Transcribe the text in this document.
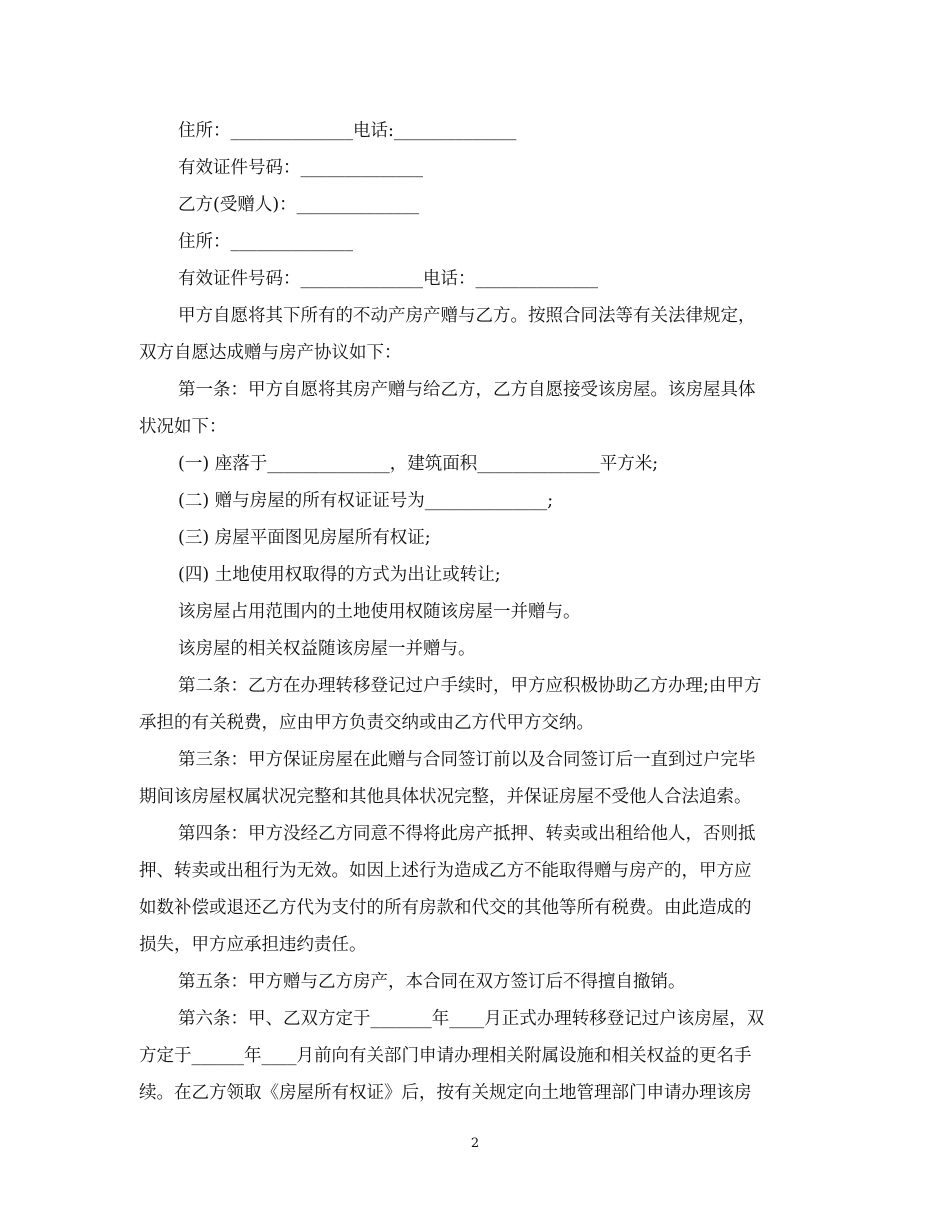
住所：______________电话:______________
有效证件号码：______________
乙方(受赠人)：______________
住所：______________
有效证件号码：______________电话：______________
甲方自愿将其下所有的不动产房产赠与乙方。按照合同法等有关法律规定，
双方自愿达成赠与房产协议如下：
第一条：甲方自愿将其房产赠与给乙方，乙方自愿接受该房屋。该房屋具体
状况如下：
(一) 座落于______________，建筑面积______________平方米;
(二) 赠与房屋的所有权证证号为______________;
(三) 房屋平面图见房屋所有权证;
(四) 土地使用权取得的方式为出让或转让;
该房屋占用范围内的土地使用权随该房屋一并赠与。
该房屋的相关权益随该房屋一并赠与。
第二条：乙方在办理转移登记过户手续时，甲方应积极协助乙方办理;由甲方
承担的有关税费，应由甲方负责交纳或由乙方代甲方交纳。
第三条：甲方保证房屋在此赠与合同签订前以及合同签订后一直到过户完毕
期间该房屋权属状况完整和其他具体状况完整，并保证房屋不受他人合法追索。
第四条：甲方没经乙方同意不得将此房产抵押、转卖或出租给他人，否则抵
押、转卖或出租行为无效。如因上述行为造成乙方不能取得赠与房产的，甲方应
如数补偿或退还乙方代为支付的所有房款和代交的其他等所有税费。由此造成的
损失，甲方应承担违约责任。
第五条：甲方赠与乙方房产，本合同在双方签订后不得擅自撤销。
第六条：甲、乙双方定于_______年____月正式办理转移登记过户该房屋，双
方定于______年____月前向有关部门申请办理相关附属设施和相关权益的更名手
续。在乙方领取《房屋所有权证》后，按有关规定向土地管理部门申请办理该房
2
